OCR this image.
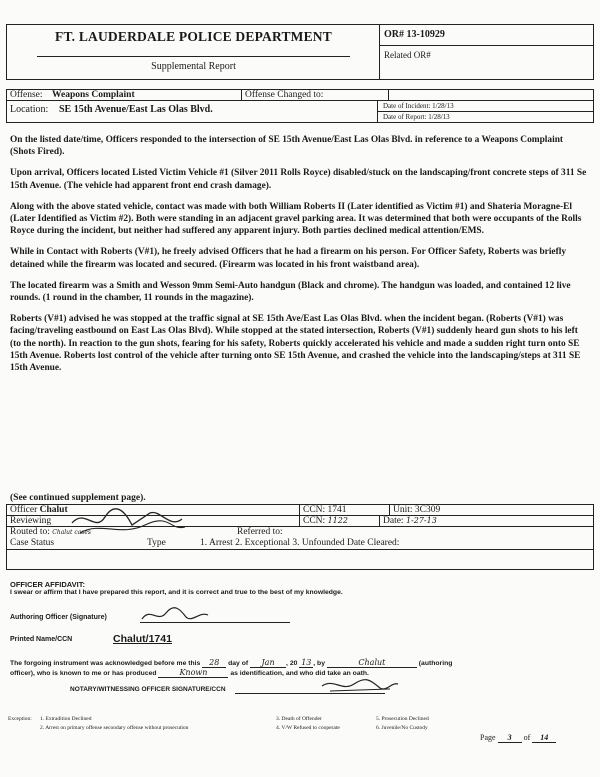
FT. LAUDERDALE POLICE DEPARTMENT
Supplemental Report
OR# 13-10929
Related OR#
Offense: Weapons Complaint	Offense Changed to:
Location: SE 15th Avenue/East Las Olas Blvd.	Date of Incident: 1/28/13
Date of Report: 1/28/13

On the listed date/time, Officers responded to the intersection of SE 15th Avenue/East Las Olas Blvd. in reference to a Weapons Complaint (Shots Fired).

Upon arrival, Officers located Listed Victim Vehicle #1 (Silver 2011 Rolls Royce) disabled/stuck on the landscaping/front concrete steps of 311 Se 15th Avenue. (The vehicle had apparent front end crash damage).

Along with the above stated vehicle, contact was made with both William Roberts II (Later identified as Victim #1) and Shateria Moragne-El (Later Identified as Victim #2). Both were standing in an adjacent gravel parking area. It was determined that both were occupants of the Rolls Royce during the incident, but neither had suffered any apparent injury. Both parties declined medical attention/EMS.

While in Contact with Roberts (V#1), he freely advised Officers that he had a firearm on his person. For Officer Safety, Roberts was briefly detained while the firearm was located and secured. (Firearm was located in his front waistband area).

The located firearm was a Smith and Wesson 9mm Semi-Auto handgun (Black and chrome). The handgun was loaded, and contained 12 live rounds. (1 round in the chamber, 11 rounds in the magazine).

Roberts (V#1) advised he was stopped at the traffic signal at SE 15th Ave/East Las Olas Blvd. when the incident began. (Roberts (V#1) was facing/traveling eastbound on East Las Olas Blvd). While stopped at the stated intersection, Roberts (V#1) suddenly heard gun shots to his left (to the north). In reaction to the gun shots, fearing for his safety, Roberts quickly accelerated his vehicle and made a sudden right turn onto SE 15th Avenue. Roberts lost control of the vehicle after turning onto SE 15th Avenue, and crashed the vehicle into the landscaping/steps at 311 SE 15th Avenue.

(See continued supplement page).
Officer Chalut	CCN: 1741	Unit: 3C309
Reviewing	CCN: 1122	Date: 1-27-13
Routed to: Chalut cases	Referred to:
Case Status	Type	1. Arrest 2. Exceptional 3. Unfounded Date Cleared:
OFFICER AFFIDAVIT:
I swear or affirm that I have prepared this report, and it is correct and true to the best of my knowledge.
Authoring Officer (Signature)
Printed Name/CCN	Chalut/1741
The forgoing instrument was acknowledged before me this 28 day of Jan , 20 13 , by	Chalut	(authoring
officer), who is known to me or has produced	Known	as identification, and who did take an oath.
NOTARY/WITNESSING OFFICER SIGNATURE/CCN
Exception: 1. Extradition Declined
2. Arrest on primary offense secondary offense without prosecution
3. Death of Offender
4. V/W Refused to cooperate
5. Prosecution Declined
6. Juvenile/No Custody
Page 3 of 14
